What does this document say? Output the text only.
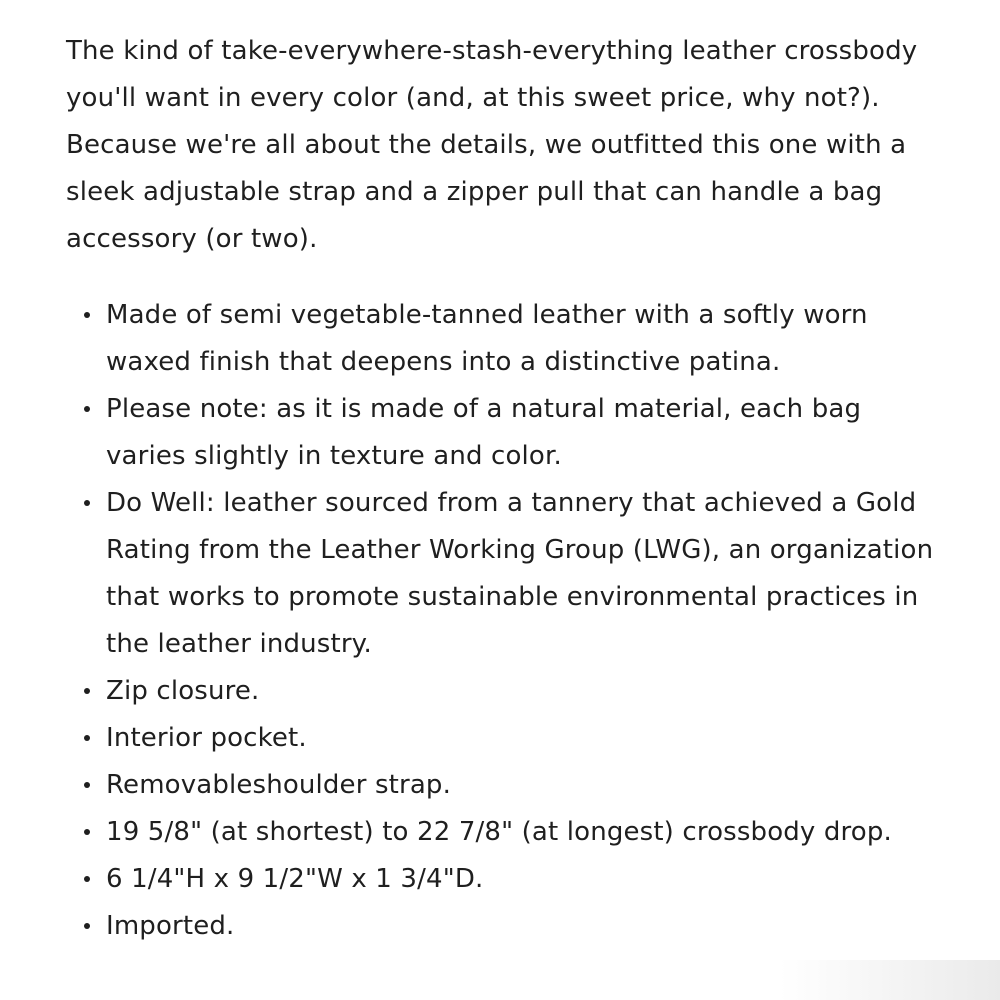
The kind of take-everywhere-stash-everything leather crossbody you'll want in every color (and, at this sweet price, why not?). Because we're all about the details, we outfitted this one with a sleek adjustable strap and a zipper pull that can handle a bag accessory (or two).

Made of semi vegetable-tanned leather with a softly worn waxed finish that deepens into a distinctive patina.
Please note: as it is made of a natural material, each bag varies slightly in texture and color.
Do Well: leather sourced from a tannery that achieved a Gold Rating from the Leather Working Group (LWG), an organization that works to promote sustainable environmental practices in the leather industry.
Zip closure.
Interior pocket.
Removableshoulder strap.
19 5/8" (at shortest) to 22 7/8" (at longest) crossbody drop.
6 1/4"H x 9 1/2"W x 1 3/4"D.
Imported.
